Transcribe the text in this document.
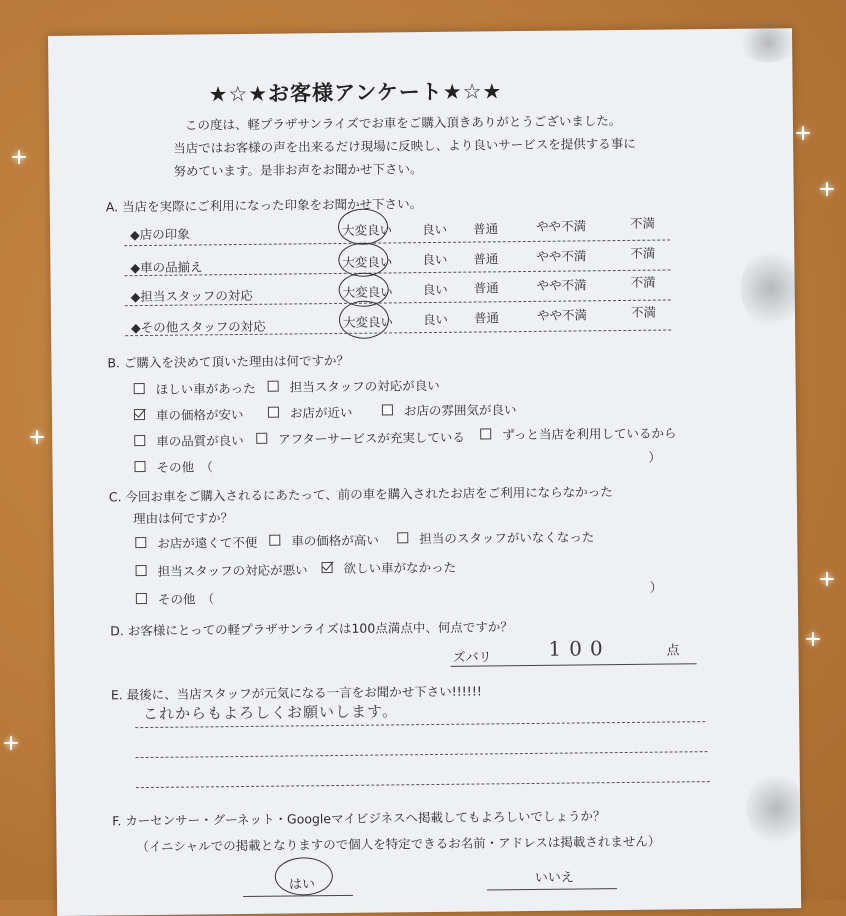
★☆★お客様アンケート★☆★
この度は、軽プラザサンライズでお車をご購入頂きありがとうございました。
当店ではお客様の声を出来るだけ現場に反映し、より良いサービスを提供する事に
努めています。是非お声をお聞かせ下さい。
A. 当店を実際にご利用になった印象をお聞かせ下さい。
◆店の印象	大変良い 良い 普通	やや不満	不満
◆車の品揃え	大変良い 良い 普通	やや不満	不満
◆担当スタッフの対応	大変良い 良い 普通	やや不満	不満
◆その他スタッフの対応	大変良い 良い 普通	やや不満	不満
B. ご購入を決めて頂いた理由は何ですか？
ほしい車があった	担当スタッフの対応が良い
車の価格が安い	お店が近い	お店の雰囲気が良い
車の品質が良い	アフターサービスが充実している	ずっと当店を利用しているから
その他　（
）
C. 今回お車をご購入されるにあたって、前の車を購入されたお店をご利用にならなかった
理由は何ですか？
お店が遠くて不便	車の価格が高い	担当のスタッフがいなくなった
担当スタッフの対応が悪い	欲しい車がなかった
その他　（
）
D. お客様にとっての軽プラザサンライズは100点満点中、何点ですか？
ズバリ	100	点
E. 最後に、当店スタッフが元気になる一言をお聞かせ下さい!!!!!!
これからもよろしくお願いします。
F. カーセンサー・グーネット・Googleマイビジネスへ掲載してもよろしいでしょうか？
（イニシャルでの掲載となりますので個人を特定できるお名前・アドレスは掲載されません）
はい	いいえ
